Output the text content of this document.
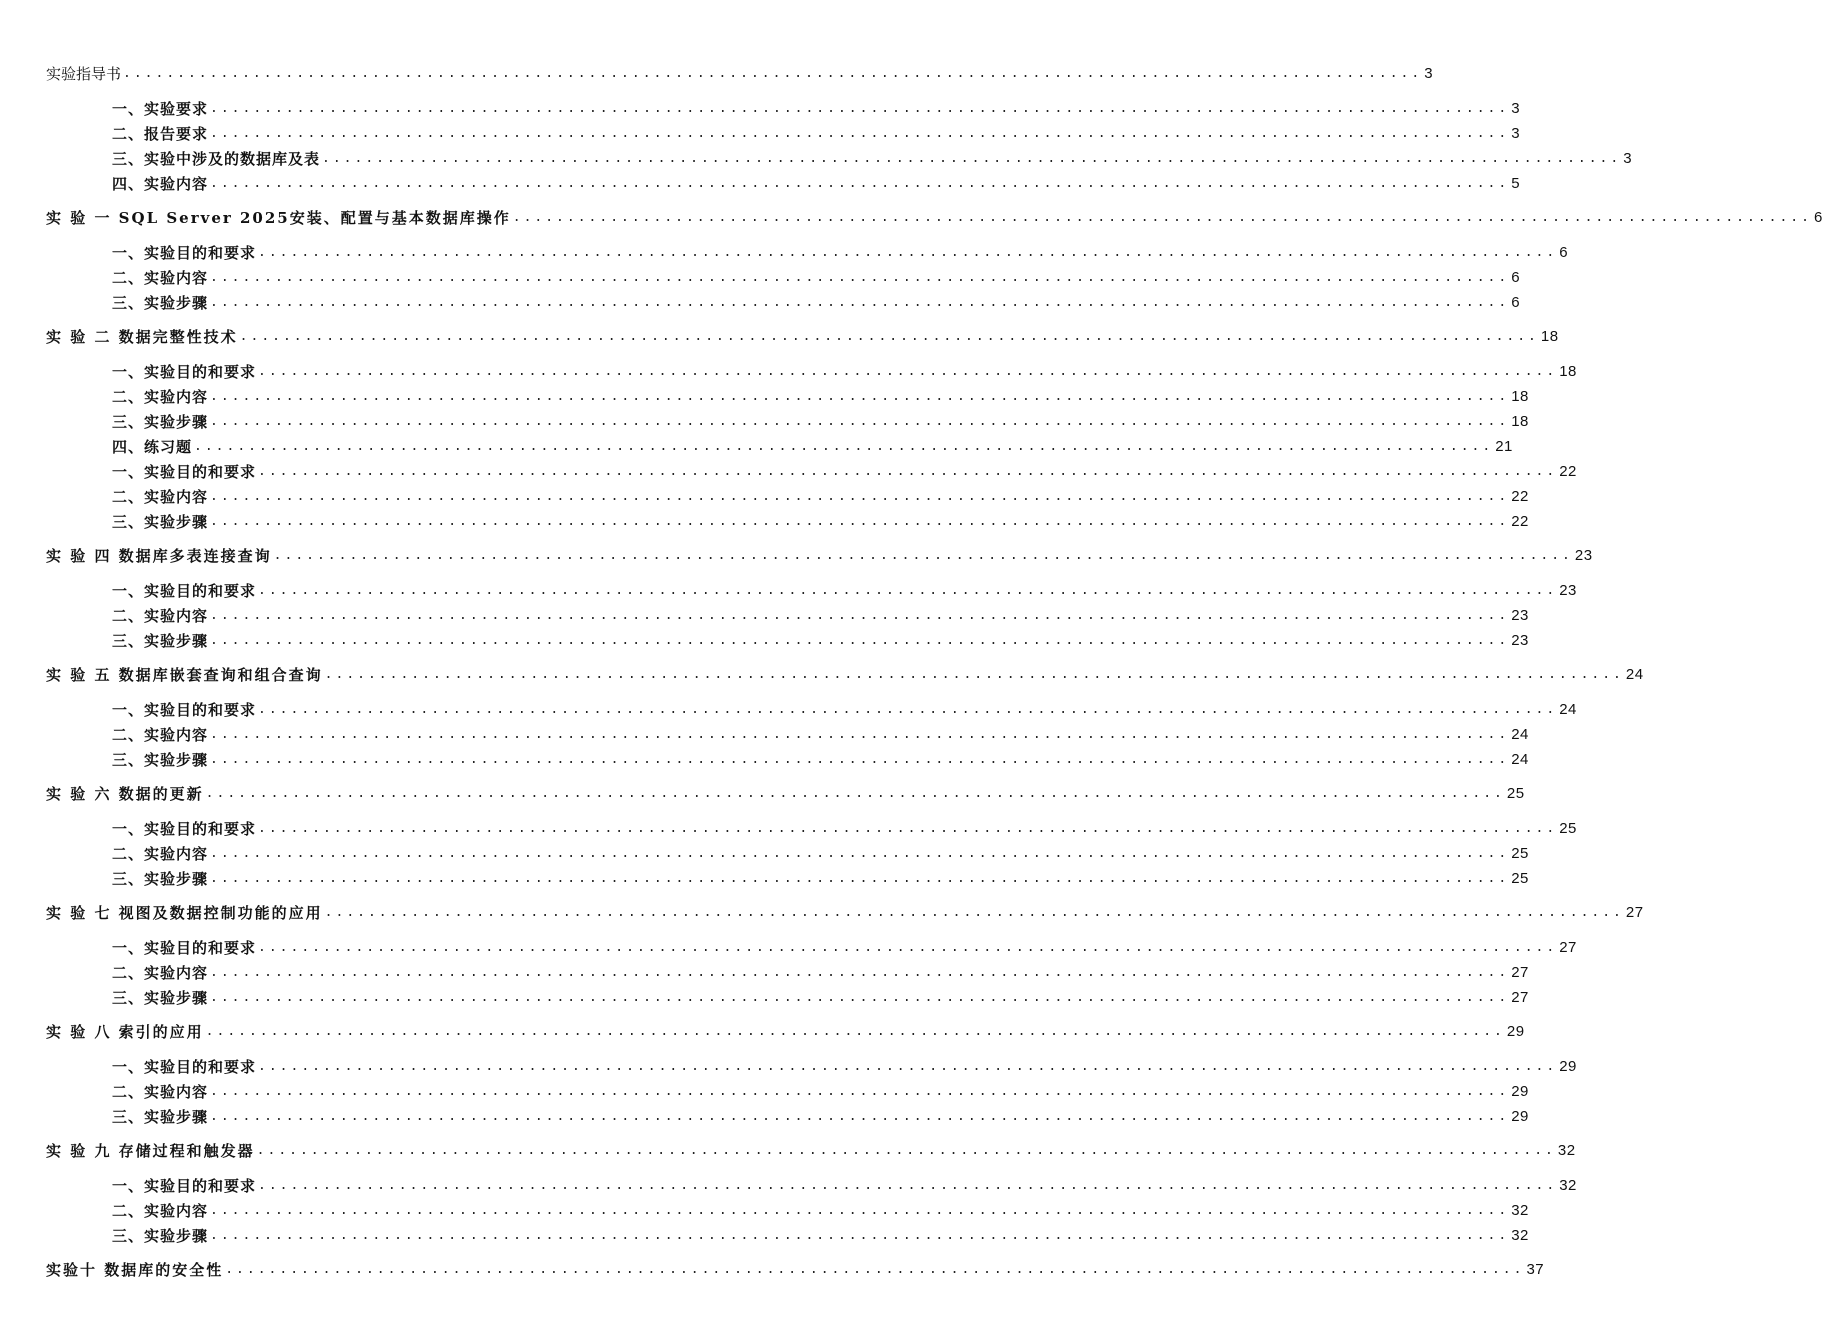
实验指导书 ........................................................................................................................ 3
一、实验要求 ........................................................................................................................ 3
二、报告要求 ........................................................................................................................ 3
三、实验中涉及的数据库及表 ........................................................................................................................ 3
四、实验内容 ........................................................................................................................ 5
实 验 一 SQL Server 2025安装、配置与基本数据库操作 ........................................................................................................................ 6
一、实验目的和要求 ........................................................................................................................ 6
二、实验内容 ........................................................................................................................ 6
三、实验步骤 ........................................................................................................................ 6
实 验 二 数据完整性技术 ........................................................................................................................ 18
一、实验目的和要求 ........................................................................................................................ 18
二、实验内容 ........................................................................................................................ 18
三、实验步骤 ........................................................................................................................ 18
四、练习题 ........................................................................................................................ 21
一、实验目的和要求 ........................................................................................................................ 22
二、实验内容 ........................................................................................................................ 22
三、实验步骤 ........................................................................................................................ 22
实 验 四 数据库多表连接查询 ........................................................................................................................ 23
一、实验目的和要求 ........................................................................................................................ 23
二、实验内容 ........................................................................................................................ 23
三、实验步骤 ........................................................................................................................ 23
实 验 五 数据库嵌套查询和组合查询 ........................................................................................................................ 24
一、实验目的和要求 ........................................................................................................................ 24
二、实验内容 ........................................................................................................................ 24
三、实验步骤 ........................................................................................................................ 24
实 验 六 数据的更新 ........................................................................................................................ 25
一、实验目的和要求 ........................................................................................................................ 25
二、实验内容 ........................................................................................................................ 25
三、实验步骤 ........................................................................................................................ 25
实 验 七 视图及数据控制功能的应用 ........................................................................................................................ 27
一、实验目的和要求 ........................................................................................................................ 27
二、实验内容 ........................................................................................................................ 27
三、实验步骤 ........................................................................................................................ 27
实 验 八 索引的应用 ........................................................................................................................ 29
一、实验目的和要求 ........................................................................................................................ 29
二、实验内容 ........................................................................................................................ 29
三、实验步骤 ........................................................................................................................ 29
实 验 九 存储过程和触发器 ........................................................................................................................ 32
一、实验目的和要求 ........................................................................................................................ 32
二、实验内容 ........................................................................................................................ 32
三、实验步骤 ........................................................................................................................ 32
实验十 数据库的安全性 ........................................................................................................................ 37
